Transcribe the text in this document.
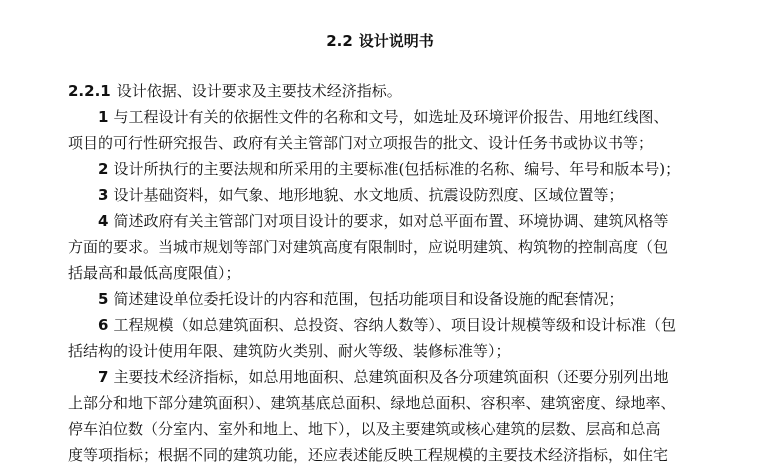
2.2 设计说明书
2.2.1 设计依据、设计要求及主要技术经济指标。
1 与工程设计有关的依据性文件的名称和文号，如选址及环境评价报告、用地红线图、
项目的可行性研究报告、政府有关主管部门对立项报告的批文、设计任务书或协议书等；
2 设计所执行的主要法规和所采用的主要标准(包括标准的名称、编号、年号和版本号)；
3 设计基础资料，如气象、地形地貌、水文地质、抗震设防烈度、区域位置等；
4 简述政府有关主管部门对项目设计的要求，如对总平面布置、环境协调、建筑风格等
方面的要求。当城市规划等部门对建筑高度有限制时，应说明建筑、构筑物的控制高度（包
括最高和最低高度限值）；
5 简述建设单位委托设计的内容和范围，包括功能项目和设备设施的配套情况；
6 工程规模（如总建筑面积、总投资、容纳人数等）、项目设计规模等级和设计标准（包
括结构的设计使用年限、建筑防火类别、耐火等级、装修标准等）；
7 主要技术经济指标，如总用地面积、总建筑面积及各分项建筑面积（还要分别列出地
上部分和地下部分建筑面积）、建筑基底总面积、绿地总面积、容积率、建筑密度、绿地率、
停车泊位数（分室内、室外和地上、地下），以及主要建筑或核心建筑的层数、层高和总高
度等项指标；根据不同的建筑功能，还应表述能反映工程规模的主要技术经济指标，如住宅
